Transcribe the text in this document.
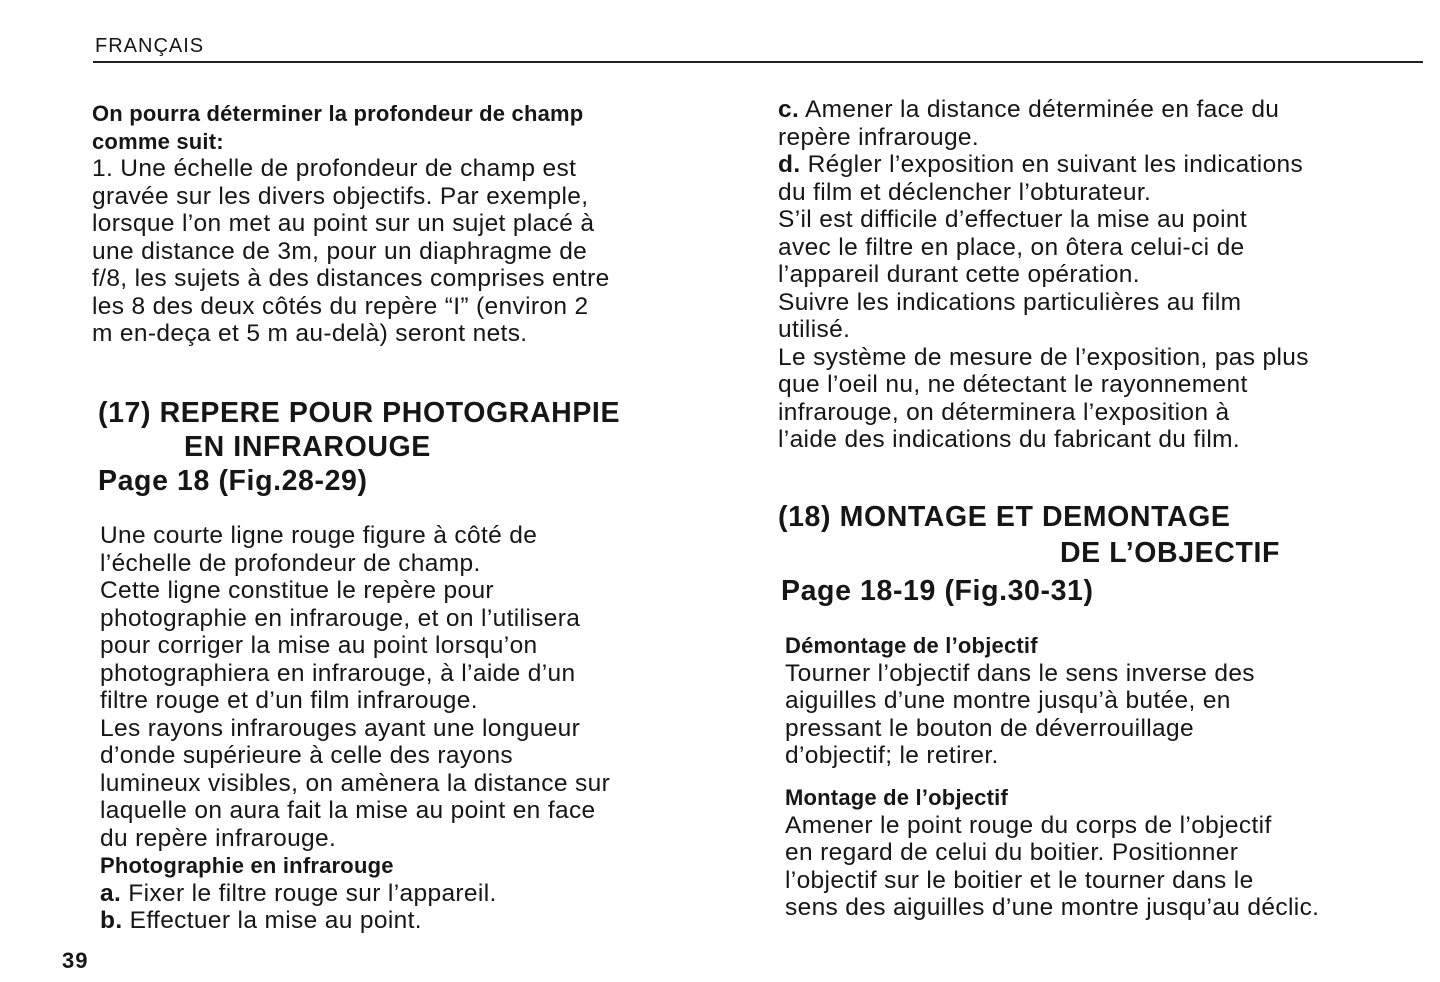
FRANÇAIS

On pourra déterminer la profondeur de champ

comme suit:

1. Une échelle de profondeur de champ est

gravée sur les divers objectifs. Par exemple,

lorsque l’on met au point sur un sujet placé à

une distance de 3m, pour un diaphragme de

f/8, les sujets à des distances comprises entre

les 8 des deux côtés du repère “I” (environ 2

m en-deça et 5 m au-delà) seront nets.

(17) REPERE POUR PHOTOGRAHPIE

EN INFRAROUGE

Page 18 (Fig.28-29)

Une courte ligne rouge figure à côté de

l’échelle de profondeur de champ.

Cette ligne constitue le repère pour

photographie en infrarouge, et on l’utilisera

pour corriger la mise au point lorsqu’on

photographiera en infrarouge, à l’aide d’un

filtre rouge et d’un film infrarouge.

Les rayons infrarouges ayant une longueur

d’onde supérieure à celle des rayons

lumineux visibles, on amènera la distance sur

laquelle on aura fait la mise au point en face

du repère infrarouge.

Photographie en infrarouge

a. Fixer le filtre rouge sur l’appareil.

b. Effectuer la mise au point.

c. Amener la distance déterminée en face du

repère infrarouge.

d. Régler l’exposition en suivant les indications

du film et déclencher l’obturateur.

S’il est difficile d’effectuer la mise au point

avec le filtre en place, on ôtera celui-ci de

l’appareil durant cette opération.

Suivre les indications particulières au film

utilisé.

Le système de mesure de l’exposition, pas plus

que l’oeil nu, ne détectant le rayonnement

infrarouge, on déterminera l’exposition à

l’aide des indications du fabricant du film.

(18) MONTAGE ET DEMONTAGE

DE L’OBJECTIF

Page 18-19 (Fig.30-31)

Démontage de l’objectif

Tourner l’objectif dans le sens inverse des

aiguilles d’une montre jusqu’à butée, en

pressant le bouton de déverrouillage

d’objectif; le retirer.

Montage de l’objectif

Amener le point rouge du corps de l’objectif

en regard de celui du boitier. Positionner

l’objectif sur le boitier et le tourner dans le

sens des aiguilles d’une montre jusqu’au déclic.

39
